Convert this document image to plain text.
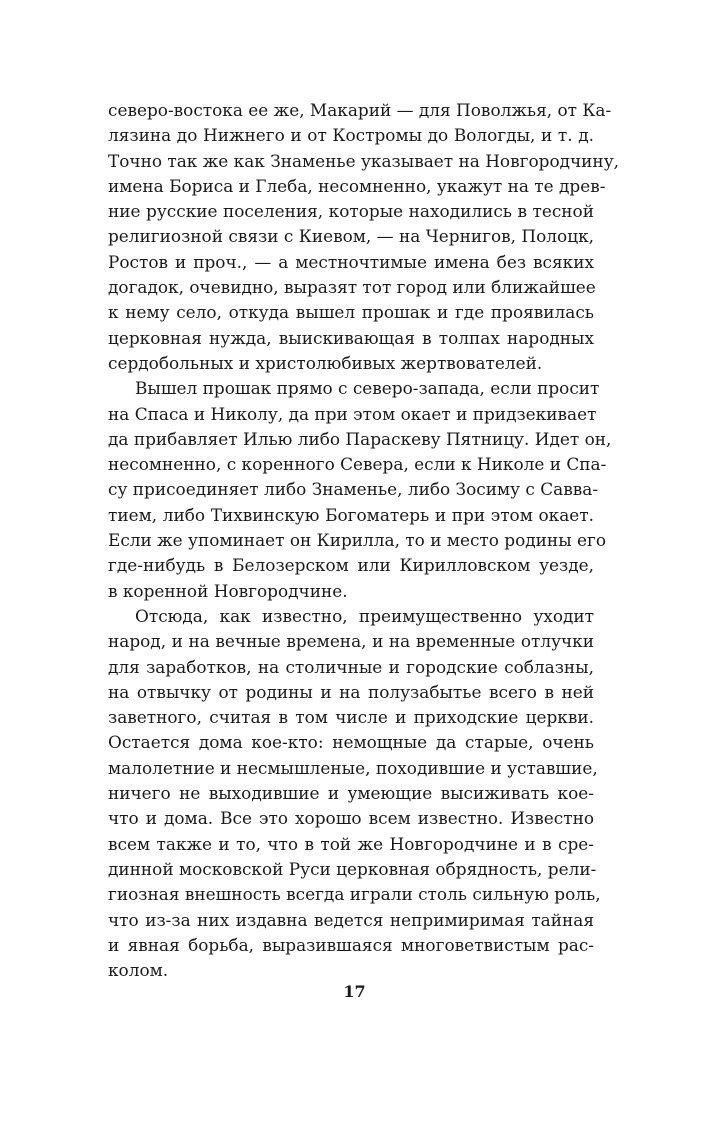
северо-востока ее же, Макарий — для Поволжья, от Ка-
лязина до Нижнего и от Костромы до Вологды, и т. д.
Точно так же как Знаменье указывает на Новгородчину,
имена Бориса и Глеба, несомненно, укажут на те древ-
ние русские поселения, которые находились в тесной
религиозной связи с Киевом, — на Чернигов, Полоцк,
Ростов и проч., — а местночтимые имена без всяких
догадок, очевидно, выразят тот город или ближайшее
к нему село, откуда вышел прошак и где проявилась
церковная нужда, выискивающая в толпах народных
сердобольных и христолюбивых жертвователей.
Вышел прошак прямо с северо-запада, если просит
на Спаса и Николу, да при этом окает и придзекивает
да прибавляет Илью либо Параскеву Пятницу. Идет он,
несомненно, с коренного Севера, если к Николе и Спа-
су присоединяет либо Знаменье, либо Зосиму с Савва-
тием, либо Тихвинскую Богоматерь и при этом окает.
Если же упоминает он Кирилла, то и место родины его
где-нибудь в Белозерском или Кирилловском уезде,
в коренной Новгородчине.
Отсюда, как известно, преимущественно уходит
народ, и на вечные времена, и на временные отлучки
для заработков, на столичные и городские соблазны,
на отвычку от родины и на полузабытье всего в ней
заветного, считая в том числе и приходские церкви.
Остается дома кое-кто: немощные да старые, очень
малолетние и несмышленые, походившие и уставшие,
ничего не выходившие и умеющие высиживать кое-
что и дома. Все это хорошо всем известно. Известно
всем также и то, что в той же Новгородчине и в сре-
динной московской Руси церковная обрядность, рели-
гиозная внешность всегда играли столь сильную роль,
что из-за них издавна ведется непримиримая тайная
и явная борьба, выразившаяся многоветвистым рас-
колом.
17
